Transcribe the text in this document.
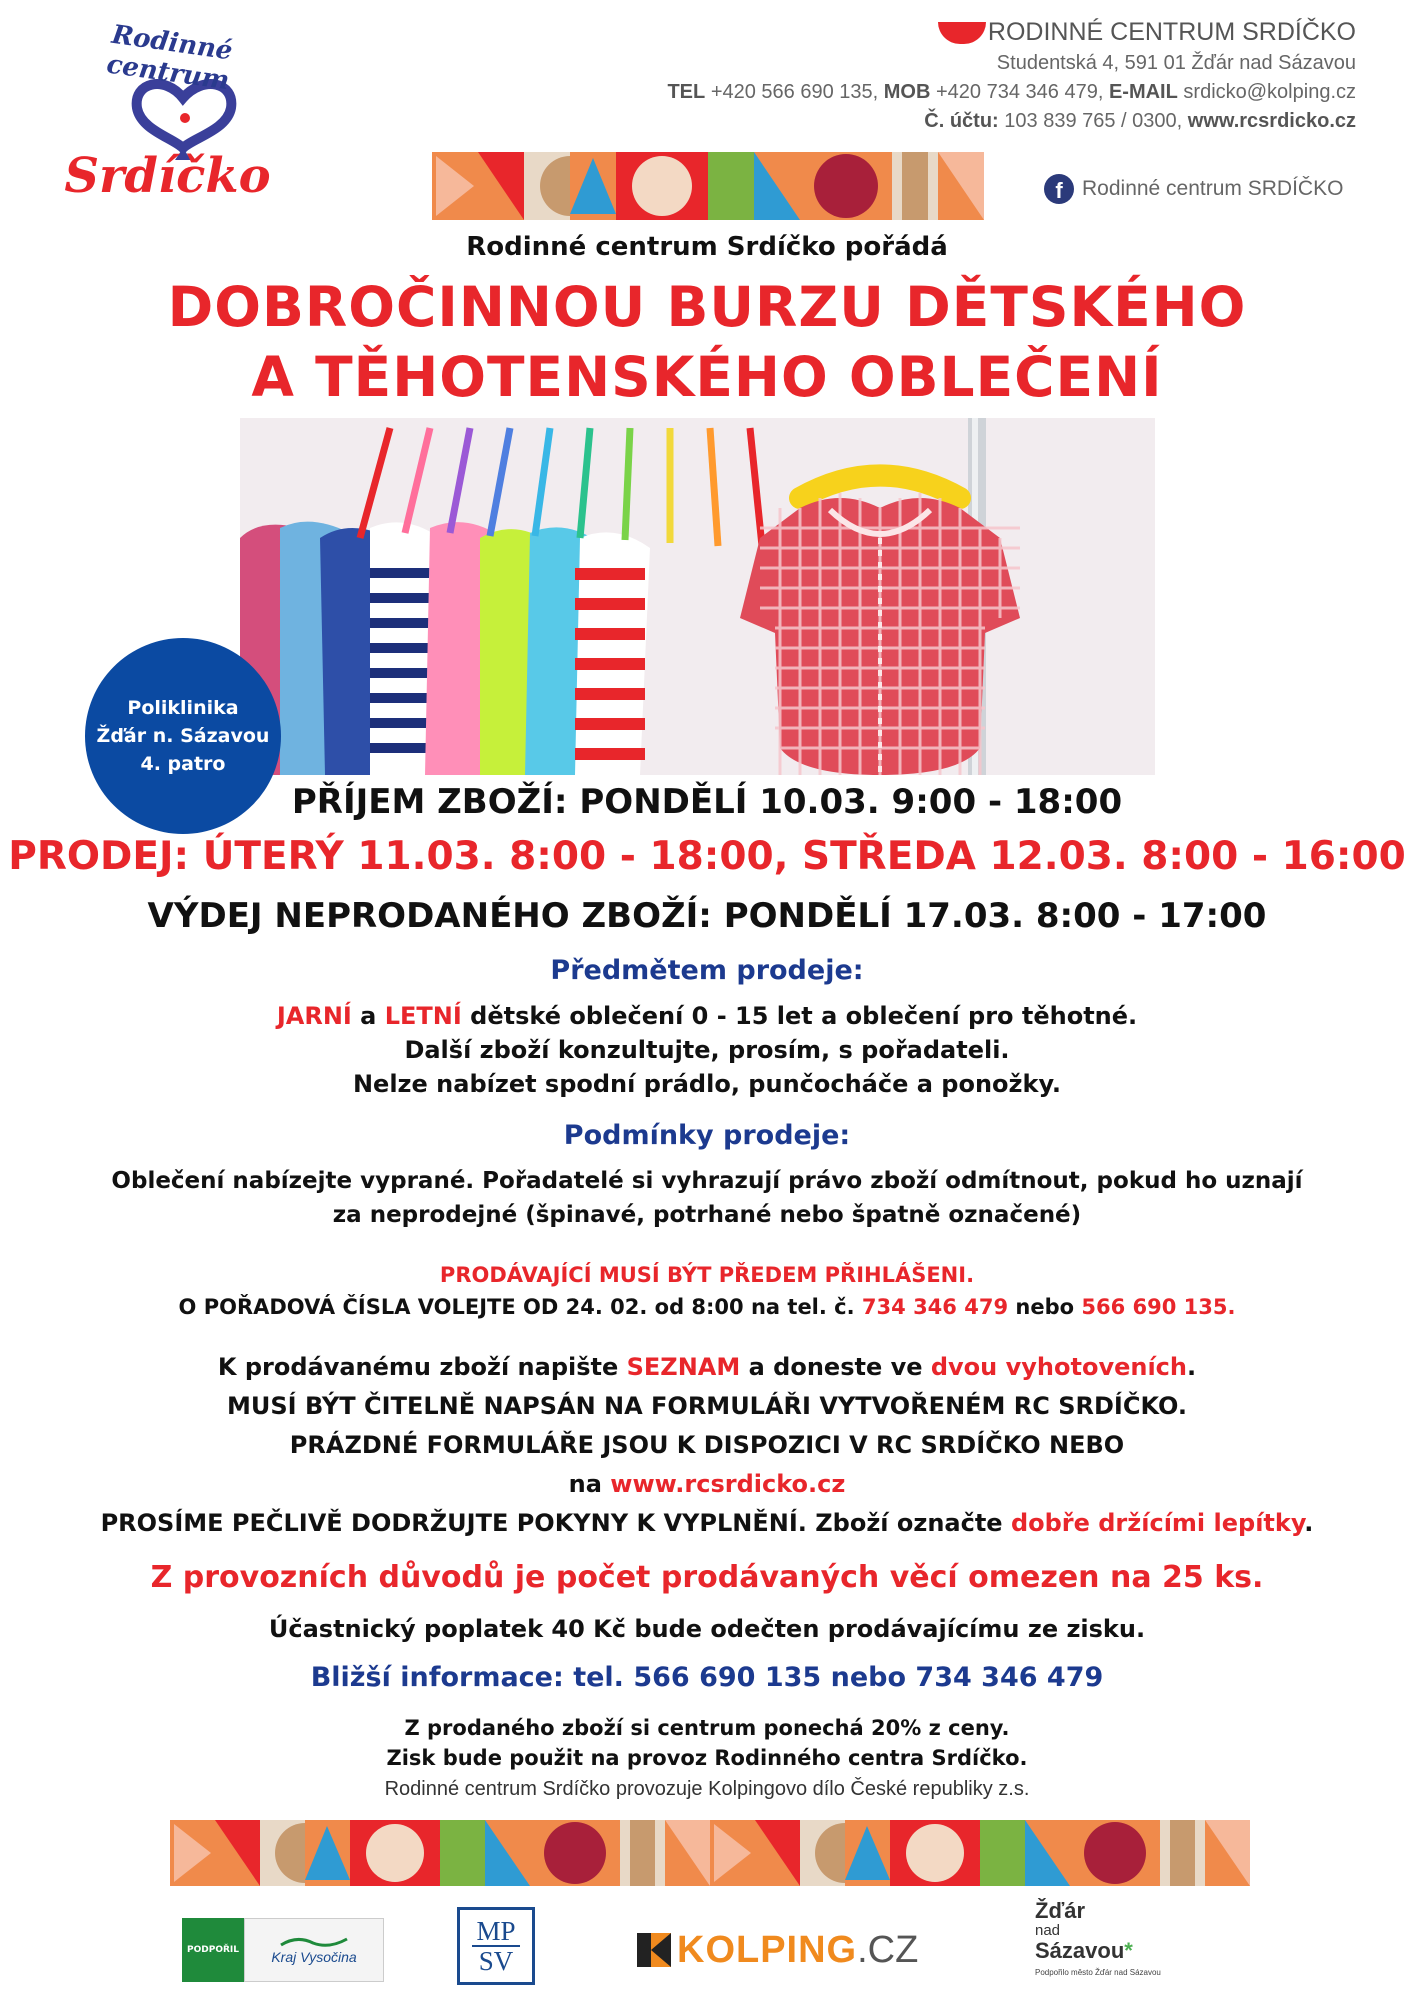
Rodinné centrum
Srdíčko
RODINNÉ CENTRUM SRDÍČKO
Studentská 4, 591 01 Žďár nad Sázavou
TEL +420 566 690 135, MOB +420 734 346 479, E-MAIL srdicko@kolping.cz
Č. účtu: 103 839 765 / 0300, www.rcsrdicko.cz
f Rodinné centrum SRDÍČKO
Rodinné centrum Srdíčko pořádá
DOBROČINNOU BURZU DĚTSKÉHO
A TĚHOTENSKÉHO OBLEČENÍ
Poliklinika
Žďár n. Sázavou
4. patro
PŘÍJEM ZBOŽÍ: PONDĚLÍ 10.03. 9:00 - 18:00
PRODEJ: ÚTERÝ 11.03. 8:00 - 18:00, STŘEDA 12.03. 8:00 - 16:00
VÝDEJ NEPRODANÉHO ZBOŽÍ: PONDĚLÍ 17.03. 8:00 - 17:00
Předmětem prodeje:
JARNÍ a LETNÍ dětské oblečení 0 - 15 let a oblečení pro těhotné.
Další zboží konzultujte, prosím, s pořadateli.
Nelze nabízet spodní prádlo, punčocháče a ponožky.
Podmínky prodeje:
Oblečení nabízejte vyprané. Pořadatelé si vyhrazují právo zboží odmítnout, pokud ho uznají
za neprodejné (špinavé, potrhané nebo špatně označené)
PRODÁVAJÍCÍ MUSÍ BÝT PŘEDEM PŘIHLÁŠENI.
O POŘADOVÁ ČÍSLA VOLEJTE OD 24. 02. od 8:00 na tel. č. 734 346 479 nebo 566 690 135.
K prodávanému zboží napište SEZNAM a doneste ve dvou vyhotoveních.
MUSÍ BÝT ČITELNĚ NAPSÁN NA FORMULÁŘI VYTVOŘENÉM RC SRDÍČKO.
PRÁZDNÉ FORMULÁŘE JSOU K DISPOZICI V RC SRDÍČKO NEBO
na www.rcsrdicko.cz
PROSÍME PEČLIVĚ DODRŽUJTE POKYNY K VYPLNĚNÍ. Zboží označte dobře držícími lepítky.
Z provozních důvodů je počet prodávaných věcí omezen na 25 ks.
Účastnický poplatek 40 Kč bude odečten prodávajícímu ze zisku.
Bližší informace: tel. 566 690 135 nebo 734 346 479
Z prodaného zboží si centrum ponechá 20% z ceny.
Zisk bude použit na provoz Rodinného centra Srdíčko.
Rodinné centrum Srdíčko provozuje Kolpingovo dílo České republiky z.s.
PODPOŘIL	Kraj Vysočina
MP
SV	KOLPING .CZ
Žďár
nad
Sázavou*
Podpořilo město Žďár nad Sázavou
